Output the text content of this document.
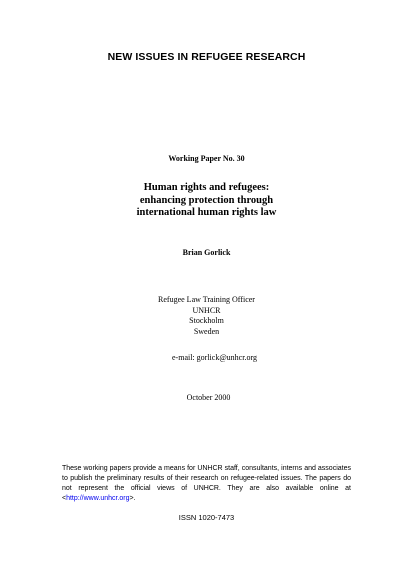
NEW ISSUES IN REFUGEE RESEARCH
Working Paper No. 30
Human rights and refugees:
enhancing protection through
international human rights law
Brian Gorlick
Refugee Law Training Officer
UNHCR
Stockholm
Sweden
e-mail: gorlick@unhcr.org
October 2000
These working papers provide a means for UNHCR staff, consultants, interns and associates to publish the preliminary results of their research on refugee-related issues. The papers do not represent the official views of UNHCR. They are also available online at <http://www.unhcr.org>.
ISSN 1020-7473
